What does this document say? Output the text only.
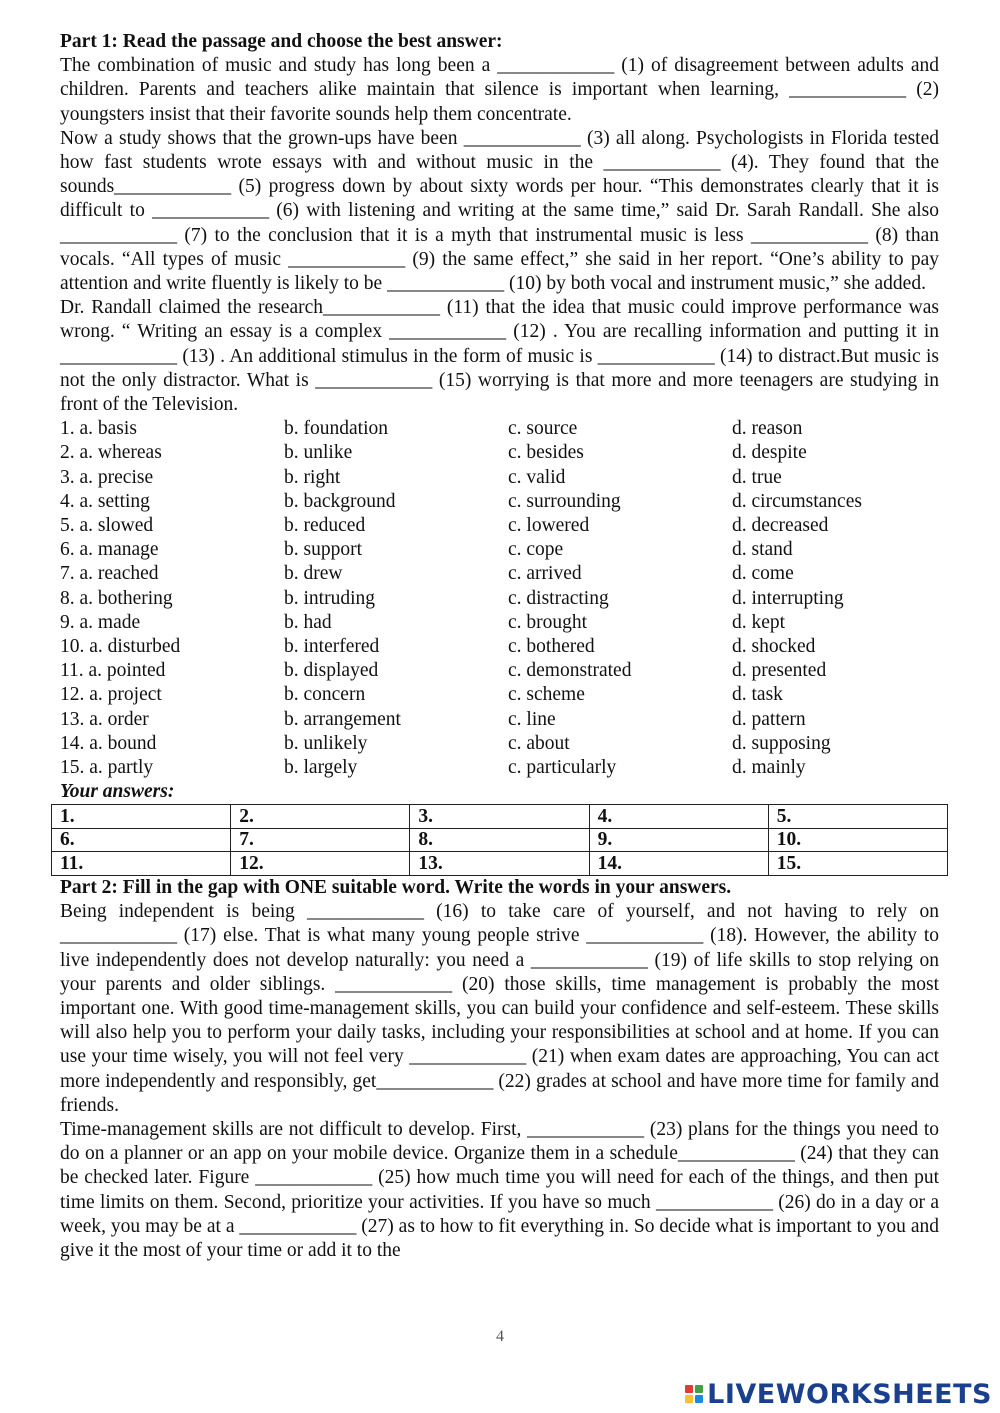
Part 1: Read the passage and choose the best answer:
The combination of music and study has long been a ____________ (1) of disagreement between adults and children. Parents and teachers alike maintain that silence is important when learning, ____________ (2) youngsters insist that their favorite sounds help them concentrate.
Now a study shows that the grown-ups have been ____________ (3) all along. Psychologists in Florida tested how fast students wrote essays with and without music in the ____________ (4). They found that the sounds____________ (5) progress down by about sixty words per hour. “This demonstrates clearly that it is difficult to ____________ (6) with listening and writing at the same time,” said Dr. Sarah Randall. She also ____________ (7) to the conclusion that it is a myth that instrumental music is less ____________ (8) than vocals. “All types of music ____________ (9) the same effect,” she said in her report. “One’s ability to pay attention and write fluently is likely to be ____________ (10) by both vocal and instrument music,” she added.
Dr. Randall claimed the research____________ (11) that the idea that music could improve performance was wrong. “ Writing an essay is a complex ____________ (12) . You are recalling information and putting it in ____________ (13) . An additional stimulus in the form of music is ____________ (14) to distract.But music is not the only distractor. What is ____________ (15) worrying is that more and more teenagers are studying in front of the Television.
1. a. basis	b. foundation	c. source	d. reason
2. a. whereas	b. unlike	c. besides	d. despite
3. a. precise	b. right	c. valid	d. true
4. a. setting	b. background	c. surrounding	d. circumstances
5. a. slowed	b. reduced	c. lowered	d. decreased
6. a. manage	b. support	c. cope	d. stand
7. a. reached	b. drew	c. arrived	d. come
8. a. bothering	b. intruding	c. distracting	d. interrupting
9. a. made	b. had	c. brought	d. kept
10. a. disturbed	b. interfered	c. bothered	d. shocked
11. a. pointed	b. displayed	c. demonstrated	d. presented
12. a. project	b. concern	c. scheme	d. task
13. a. order	b. arrangement	c. line	d. pattern
14. a. bound	b. unlikely	c. about	d. supposing
15. a. partly	b. largely	c. particularly	d. mainly
Your answers:
1.	2.	3.	4.	5.
6.	7.	8.	9.	10.
11.	12.	13.	14.	15.
Part 2: Fill in the gap with ONE suitable word. Write the words in your answers.
Being independent is being ____________ (16) to take care of yourself, and not having to rely on ____________ (17) else. That is what many young people strive ____________ (18). However, the ability to live independently does not develop naturally: you need a ____________ (19) of life skills to stop relying on your parents and older siblings. ____________ (20) those skills, time management is probably the most important one. With good time-management skills, you can build your confidence and self-esteem. These skills will also help you to perform your daily tasks, including your responsibilities at school and at home. If you can use your time wisely, you will not feel very ____________ (21) when exam dates are approaching, You can act more independently and responsibly, get____________ (22) grades at school and have more time for family and friends.
Time-management skills are not difficult to develop. First, ____________ (23) plans for the things you need to do on a planner or an app on your mobile device. Organize them in a schedule____________ (24) that they can be checked later. Figure ____________ (25) how much time you will need for each of the things, and then put time limits on them. Second, prioritize your activities. If you have so much ____________ (26) do in a day or a week, you may be at a ____________ (27) as to how to fit everything in. So decide what is important to you and give it the most of your time or add it to the
4
LIVEWORKSHEETS
